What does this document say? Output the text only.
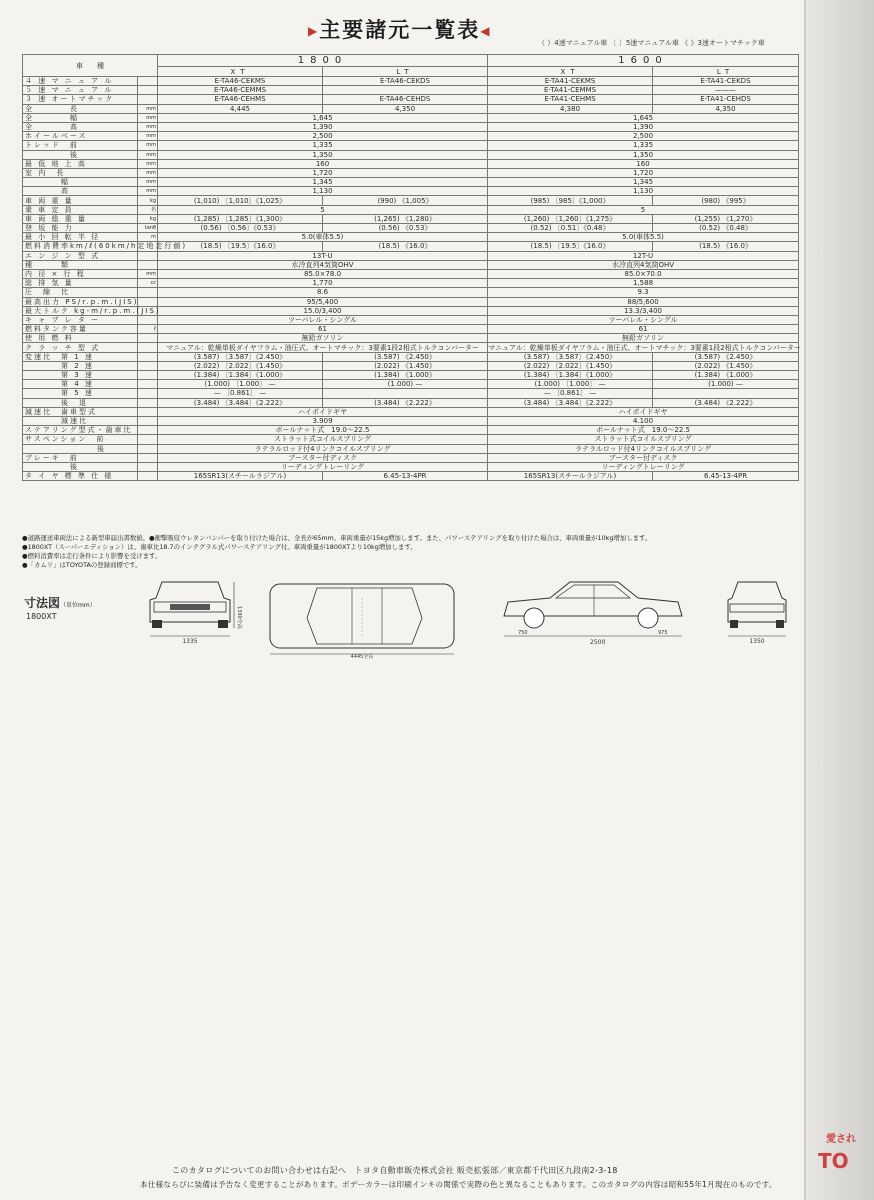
▶主要諸元一覧表◀
（ ）4速マニュアル車 〔 〕5速マニュアル車 《 》3速オートマチック車
車　　種		1800		1600	
		XT	LT	XT	LT
４ 速 マ ニ ュ ア ル		E-TA46-CEKMS	E-TA46-CEKDS	E-TA41-CEKMS	E-TA41-CEKDS
５ 速 マ ニ ュ ア ル		E-TA46-CEMMS		E-TA41-CEMMS	———
３ 速 オートマチック		E-TA46-CEHMS	E-TA46-CEHDS	E-TA41-CEHMS	E-TA41-CEHDS
全　　　　長	mm	4,445	4,350	4,380	4,350
全　　　　幅	mm	1,645		1,645	
全　　　　高	mm	1,390		1,390	
ホイールベース	mm	2,500		2,500	
トレッド　前	mm	1,335		1,335	
　　　　　後	mm	1,350		1,350	
最 低 地 上 高	mm	160		160	
室 内　長	mm	1,720		1,720	
　　　　幅	mm	1,345		1,345	
　　　　高	mm	1,130		1,130	
車 両 重 量	kg	(1,010) 〔1,010〕《1,025》	(990) 《1,005》	(985) 〔985〕《1,000》	(980) 《995》
乗 車 定 員	名	5		5	
車 両 総 重 量	kg	(1,285) 〔1,285〕《1,300》	(1,265) 《1,280》	(1,260) 〔1,260〕《1,275》	(1,255) 《1,270》
登 坂 能 力	tanθ	(0.56) 〔0.56〕《0.53》	(0.56) 《0.53》	(0.52) 〔0.51〕《0.48》	(0.52) 《0.48》
最 小 回 転 半 径	m	5.0(車体5.5)		5.0(車体5.5)	
燃料消費率km/ℓ(60km/h定地走行値)		(18.5) 〔19.5〕《16.0》	(18.5) 《16.0》	(18.5) 〔19.5〕《16.0》	(18.5) 《16.0》
エ ン ジ ン 型 式		13T-U		12T-U	
種　　　類		水冷直列4気筒OHV		水冷直列4気筒OHV	
内 径 × 行 程	mm	85.0×78.0		85.0×70.0	
総 排 気 量	cc	1,770		1,588	
圧　縮　比		8.6		9.3	
最高出力 PS/r.p.m.(JIS)		95/5,400		88/5,600	
最大トルク kg-m/r.p.m.(JIS)		15.0/3,400		13.3/3,400	
キ ャ ブ レ タ ー		ツーバレル・シングル		ツーバレル・シングル	
燃料タンク容量	ℓ	61		61	
使 用 燃 料		無鉛ガソリン		無鉛ガソリン	
ク ラ ッ チ 型 式		マニュアル：乾燥単板ダイヤフラム・油圧式、オートマチック：3要素1段2相式トルクコンバーター		マニュアル：乾燥単板ダイヤフラム・油圧式、オートマチック：3要素1段2相式トルクコンバーター	
変速比　第 1 速		(3.587) 〔3.587〕《2.450》	(3.587) 《2.450》	(3.587) 〔3.587〕《2.450》	(3.587) 《2.450》
　　　　第 2 速		(2.022) 〔2.022〕《1.450》	(2.022) 《1.450》	(2.022) 〔2.022〕《1.450》	(2.022) 《1.450》
　　　　第 3 速		(1.384) 〔1.384〕《1.000》	(1.384) 《1.000》	(1.384) 〔1.384〕《1.000》	(1.384) 《1.000》
　　　　第 4 速		(1.000) 〔1.000〕 —	(1.000) —	(1.000) 〔1.000〕 —	(1.000) —
　　　　第 5 速		— 〔0.861〕 —		— 〔0.861〕 —	
　　　　後　退		(3.484) 〔3.484〕《2.222》	(3.484) 《2.222》	(3.484) 〔3.484〕《2.222》	(3.484) 《2.222》
減速比　歯車型式		ハイポイドギヤ		ハイポイドギヤ	
　　　　減速比		3.909		4.100	
ステアリング型式・歯車比		ボールナット式　19.0〜22.5		ボールナット式　19.0〜22.5	
サスペンション　前		ストラット式コイルスプリング		ストラット式コイルスプリング	
　　　　　　　　後		ラテラルロッド付4リンクコイルスプリング		ラテラルロッド付4リンクコイルスプリング	
ブレーキ　前		ブースター付ディスク		ブースター付ディスク	
　　　　　後		リーディングトレーリング		リーディングトレーリング	
タ イ ヤ 標 準 仕 様		165SR13(スチールラジアル)	6.45-13-4PR	165SR13(スチールラジアル)	6.45-13-4PR
●道路運送車両法による新型車届出書数値。●衝撃吸収ウレタンバンパーを取り付けた場合は、全長が65mm、車両重量が15kg増加します。また、パワーステアリングを取り付けた場合は、車両重量が10kg増加します。
●1800XT（スーパーエディション）は、歯車比18.7のインテグラル式パワーステアリング付。車両重量が1800XTより10kg増加します。
●燃料消費率は走行条件により影響を受けます。
●「カムリ」はTOYOTAの登録商標です。
寸法図（単位mm）
1800XT
1335
1390全高
4445全長
750
2500
975
1350
このカタログについてのお問い合わせは右記へ　トヨタ自動車販売株式会社 販売拡張部／東京都千代田区九段南2-3-18
本仕様ならびに装備は予告なく変更することがあります。ボデーカラーは印刷インキの関係で実際の色と異なることもあります。このカタログの内容は昭和55年1月現在のものです。
愛され
TO
